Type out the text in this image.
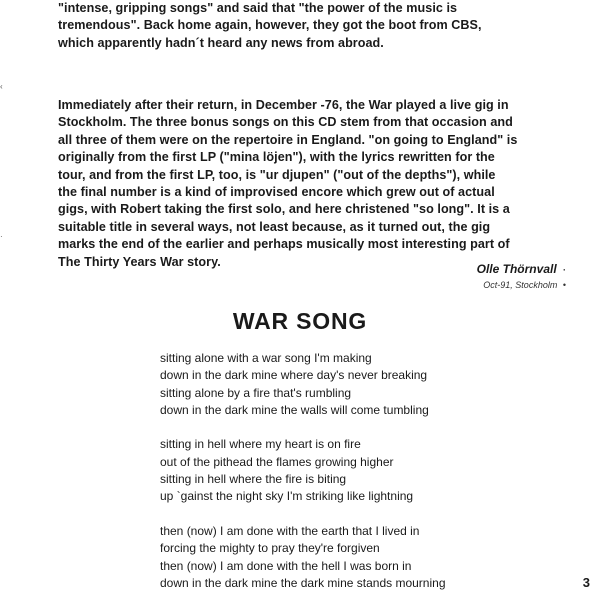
"intense, gripping songs" and said that "the power of the music is
tremendous". Back home again, however, they got the boot from CBS,
which apparently hadn´t heard any news from abroad.
Immediately after their return, in December -76, the War played a live gig in
Stockholm. The three bonus songs on this CD stem from that occasion and
all three of them were on the repertoire in England. "on going to England" is
originally from the first LP ("mina löjen"), with the lyrics rewritten for the
tour, and from the first LP, too, is "ur djupen" ("out of the depths"), while
the final number is a kind of improvised encore which grew out of actual
gigs, with Robert taking the first solo, and here christened "so long". It is a
suitable title in several ways, not least because, as it turned out, the gig
marks the end of the earlier and perhaps musically most interesting part of
The Thirty Years War story.
Olle Thörnvall ·
Oct-91, Stockholm •
WAR SONG
sitting alone with a war song I'm making
down in the dark mine where day's never breaking
sitting alone by a fire that's rumbling
down in the dark mine the walls will come tumbling
sitting in hell where my heart is on fire
out of the pithead the flames growing higher
sitting in hell where the fire is biting
up `gainst the night sky I'm striking like lightning
then (now) I am done with the earth that I lived in
forcing the mighty to pray they're forgiven
then (now) I am done with the hell I was born in
down in the dark mine the dark mine stands mourning	3
‹
·
